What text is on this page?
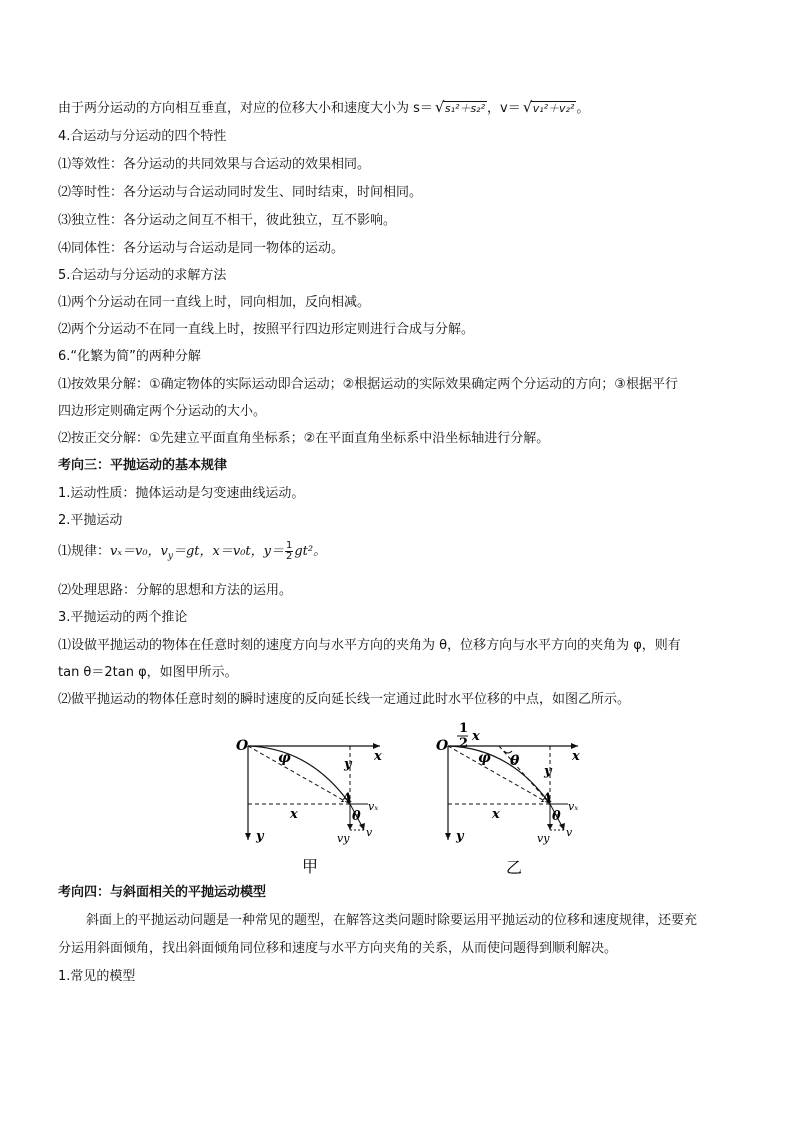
由于两分运动的方向相互垂直，对应的位移大小和速度大小为 s＝ √ s₁²＋s₂² ，v＝ √ v₁²＋v₂² 。
4.合运动与分运动的四个特性
⑴等效性：各分运动的共同效果与合运动的效果相同。
⑵等时性：各分运动与合运动同时发生、同时结束，时间相同。
⑶独立性：各分运动之间互不相干，彼此独立，互不影响。
⑷同体性：各分运动与合运动是同一物体的运动。
5.合运动与分运动的求解方法
⑴两个分运动在同一直线上时，同向相加，反向相减。
⑵两个分运动不在同一直线上时，按照平行四边形定则进行合成与分解。
6.“化繁为简”的两种分解
⑴按效果分解：①确定物体的实际运动即合运动；②根据运动的实际效果确定两个分运动的方向；③根据平行
四边形定则确定两个分运动的大小。
⑵按正交分解：①先建立平面直角坐标系；②在平面直角坐标系中沿坐标轴进行分解。
考向三：平抛运动的基本规律
1.运动性质：抛体运动是匀变速曲线运动。
2.平抛运动
⑴规律：vₓ＝v₀，$v_y=gt$，x＝v₀t，$y= \frac{1}{2} gt^2$。
⑵处理思路：分解的思想和方法的运用。
3.平抛运动的两个推论
⑴设做平抛运动的物体在任意时刻的速度方向与水平方向的夹角为 θ，位移方向与水平方向的夹角为 φ，则有
tan θ＝2tan φ，如图甲所示。
⑵做平抛运动的物体任意时刻的瞬时速度的反向延长线一定通过此时水平位移的中点，如图乙所示。
O
φ	x
y
A
θ
vₓ
x
y	vy v
甲
1
2 x
O
φ θ	x
y
A
θ
vₓ
x
y	vy v
乙
考向四：与斜面相关的平抛运动模型
斜面上的平抛运动问题是一种常见的题型，在解答这类问题时除要运用平抛运动的位移和速度规律，还要充
分运用斜面倾角，找出斜面倾角同位移和速度与水平方向夹角的关系，从而使问题得到顺利解决。
1.常见的模型
